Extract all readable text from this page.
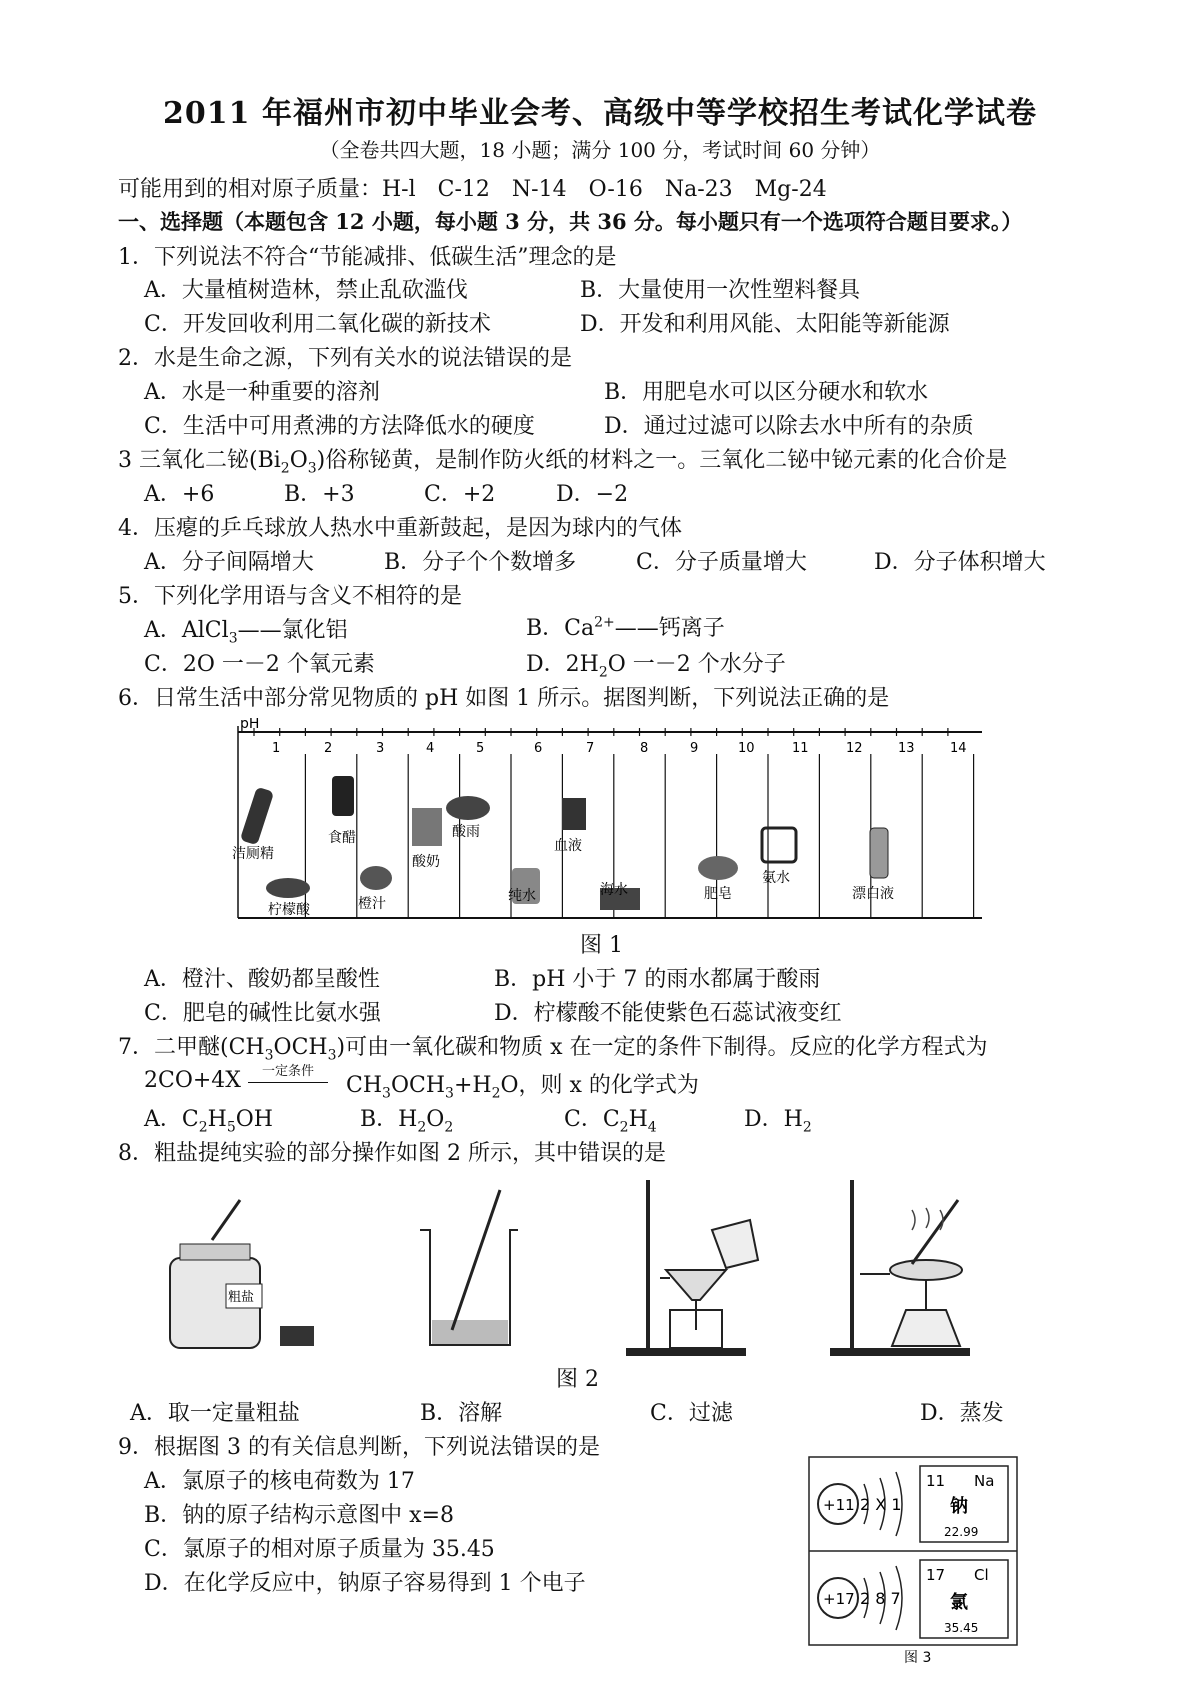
2011 年福州市初中毕业会考、高级中等学校招生考试化学试卷
（全卷共四大题，18 小题；满分 100 分，考试时间 60 分钟）
可能用到的相对原子质量：H-l　C-12　N-14　O-16　Na-23　Mg-24
一、选择题（本题包含 12 小题，每小题 3 分，共 36 分。每小题只有一个选项符合题目要求。）
1．下列说法不符合“节能减排、低碳生活”理念的是
A．大量植树造林，禁止乱砍滥伐	B．大量使用一次性塑料餐具
C．开发回收利用二氧化碳的新技术	D．开发和利用风能、太阳能等新能源
2．水是生命之源，下列有关水的说法错误的是
A．水是一种重要的溶剂	B．用肥皂水可以区分硬水和软水
C．生活中可用煮沸的方法降低水的硬度	D．通过过滤可以除去水中所有的杂质
3 三氧化二铋$(Bi_2O_3)$俗称铋黄，是制作防火纸的材料之一。三氧化二铋中铋元素的化合价是
A．+6	B．+3	C．+2	D．−2
4．压瘪的乒乓球放人热水中重新鼓起，是因为球内的气体
A．分子间隔增大	B．分子个个数增多	C．分子质量增大	D．分子体积增大
5．下列化学用语与含义不相符的是
A．AlCl$_3$——氯化铝	B．$Ca^{2+}——$钙离子
C．2O 一－2 个氧元素	D．$2H_2O$ 一－2 个水分子
6．日常生活中部分常见物质的 pH 如图 1 所示。据图判断，下列说法正确的是
pH
1	2	3	4	5	6	7	8	9	10	11	12	13	14
洁厕精
柠檬酸
食醋
橙汁
酸奶
酸雨
纯水
血液
海水	肥皂
氨水
漂白液
图 1
A．橙汁、酸奶都呈酸性	B．pH 小于 7 的雨水都属于酸雨
C．肥皂的碱性比氨水强	D．柠檬酸不能使紫色石蕊试液变红
7．二甲醚$(CH_3OCH_3)$可由一氧化碳和物质 x 在一定的条件下制得。反应的化学方程式为
2CO+4X	一定条件
$CH_3OCH_3+H_2O$，则 x 的化学式为
A．$C_2H_5OH$	B．$H_2O_2$	C．$C_2H_4$	D．$H_2$
8．粗盐提纯实验的部分操作如图 2 所示，其中错误的是
粗盐
图 2
A．取一定量粗盐	B．溶解	C．过滤	D．蒸发
9．根据图 3 的有关信息判断，下列说法错误的是
A．氯原子的核电荷数为 17
B．钠的原子结构示意图中 x=8
C．氯原子的相对原子质量为 35.45
D．在化学反应中，钠原子容易得到 1 个电子
+11 2 X 1
11 Na
钠
22.99
+17 2 8 7
17 Cl
氯
35.45
图 3
